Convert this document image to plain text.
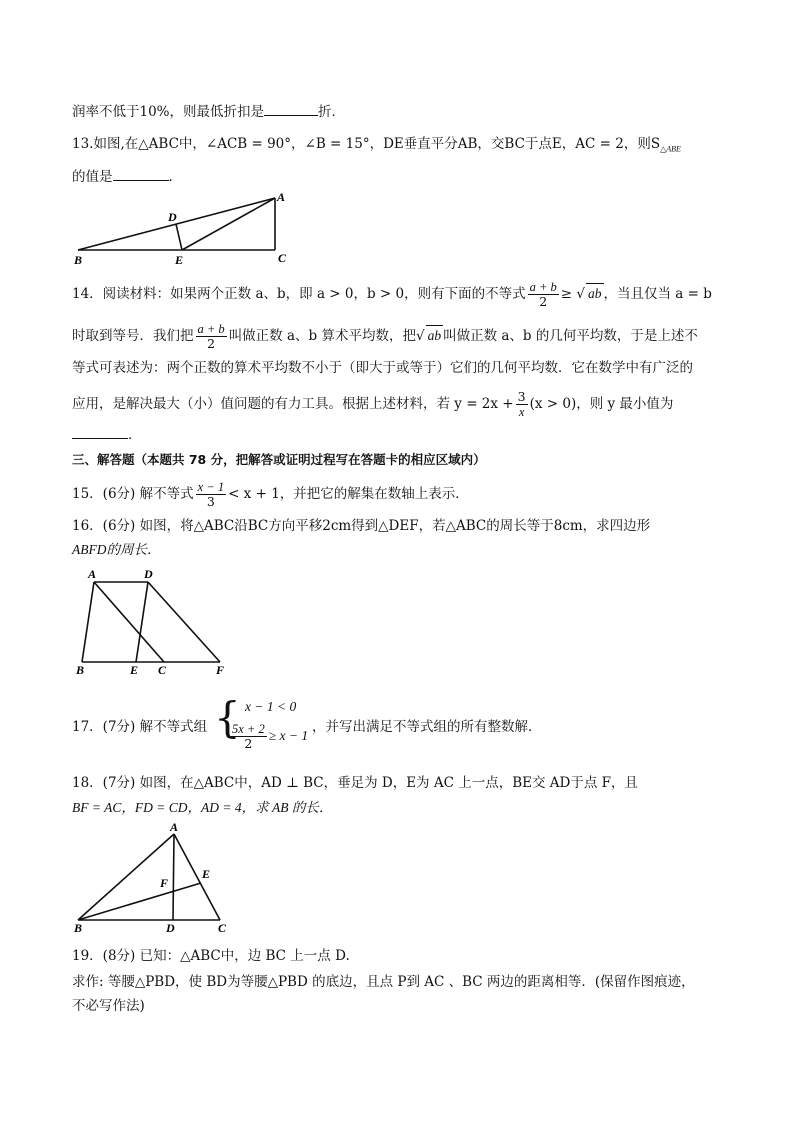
润率不低于10%，则最低折扣是	折．
13.如图,在△ABC中，∠ACB = 90°，∠B = 15°，DE垂直平分AB，交BC于点E，AC = 2，则$S_{\triangle ABE}$
的值是	．
A
B	C
D
E
14．阅读材料：如果两个正数 a、b，即 a > 0，b > 0，则有下面的不等式 $\frac{a + b}{2}$ ≥ √ ab ，当且仅当 a = b
时取到等号．我们把 $\frac{a + b}{2}$ 叫做正数 a、b 算术平均数，把√ ab 叫做正数 a、b 的几何平均数，于是上述不
等式可表述为：两个正数的算术平均数不小于（即大于或等于）它们的几何平均数．它在数学中有广泛的
应用，是解决最大（小）值问题的有力工具。根据上述材料，若 $y = 2x + \frac{3}{x} (x > 0)$，则 y 最小值为
．
三、解答题（本题共 78 分，把解答或证明过程写在答题卡的相应区域内）
15．(6分) 解不等式 $\frac{x - 1}{3} < x + 1$，并把它的解集在数轴上表示．
16．(6分) 如图，将△ABC沿BC方向平移2cm得到△DEF，若△ABC的周长等于8cm，求四边形
ABFD的周长．
A	D
B	E C	F
17．(7分) 解不等式组 { x − 1 < 0
$\frac{5x + 2}{2} \ge x - 1$
，并写出满足不等式组的所有整数解．
18．(7分) 如图，在△ABC中，AD ⊥ BC，垂足为 D，E为 AC 上一点，BE交 AD于点 F，且
BF = AC，FD = CD，AD = 4，求 AB 的长．
A
B	C
D
E
F
19．(8分) 已知：△ABC中，边 BC 上一点 D.
求作: 等腰△PBD，使 BD为等腰△PBD 的底边，且点 P到 AC 、BC 两边的距离相等．(保留作图痕迹，
不必写作法)
